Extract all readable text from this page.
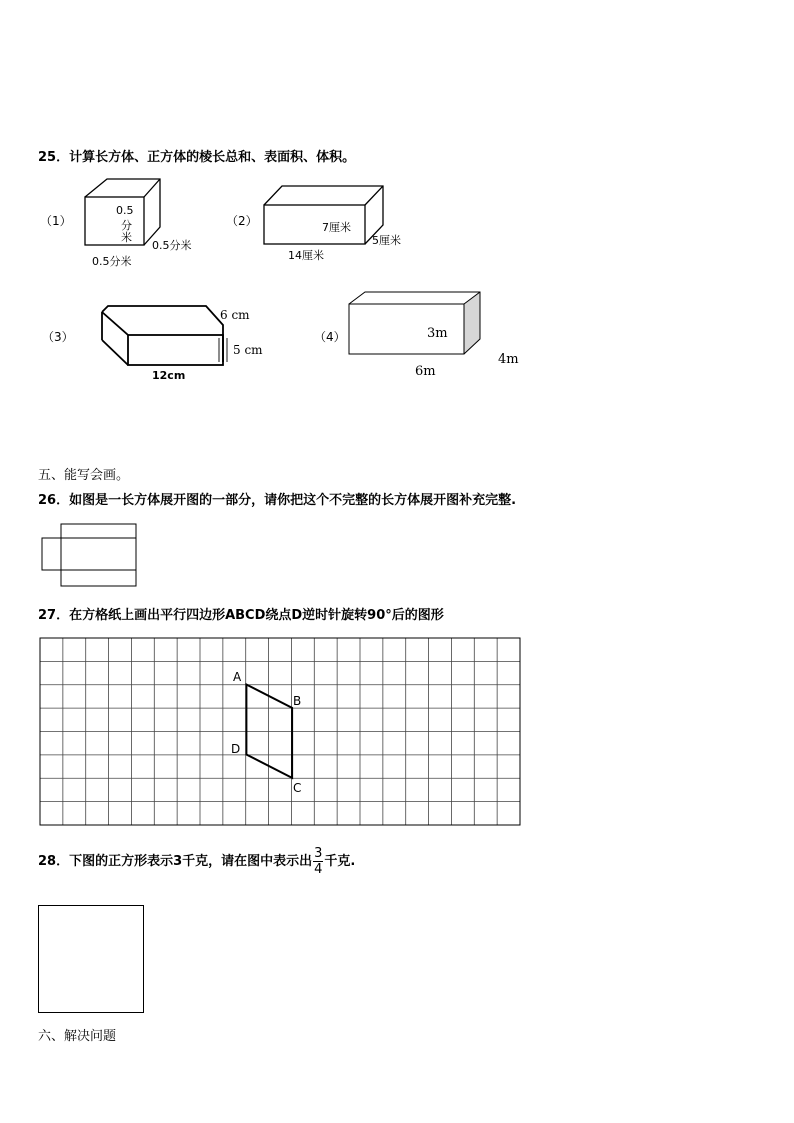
25．计算长方体、正方体的棱长总和、表面积、体积。
（1）
0.5
分
米
0.5分米
0.5分米
（2）	7厘米
5厘米
14厘米
（3）
6 cm
5 cm
12cm
（4）	3m
4m
6m
五、能写会画。
26．如图是一长方体展开图的一部分，请你把这个不完整的长方体展开图补充完整.
27．在方格纸上画出平行四边形ABCD绕点D逆时针旋转90°后的图形
A
B
C
D
28．下图的正方形表示3千克，请在图中表示出 $\frac{3}{4}$ 千克.
六、解决问题
